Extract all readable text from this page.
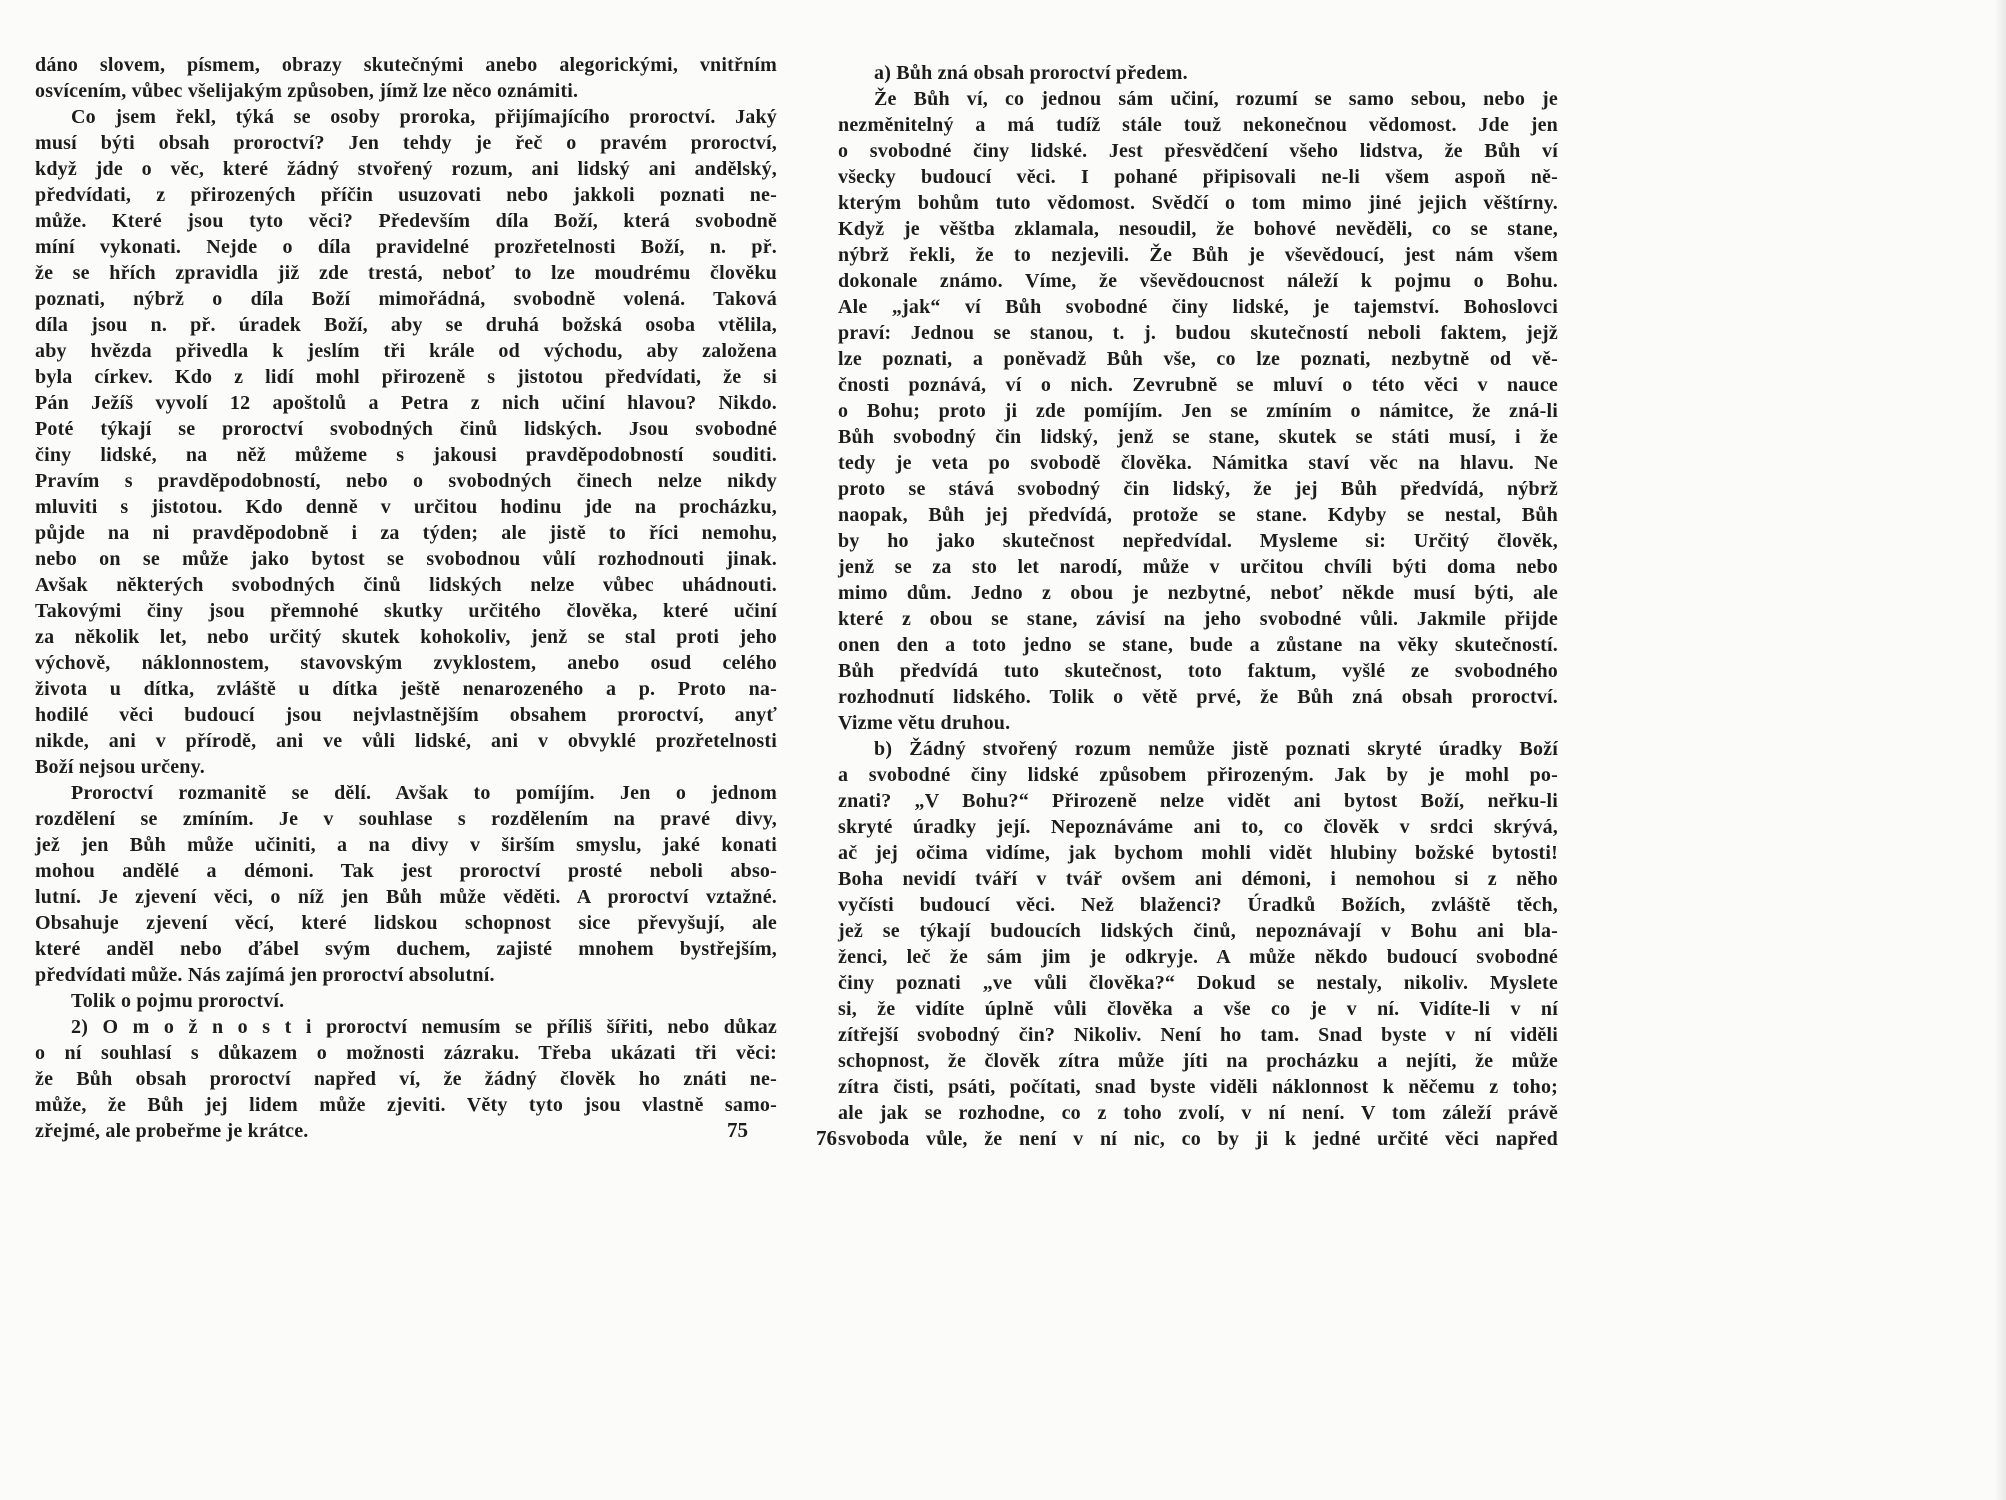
dáno slovem, písmem, obrazy skutečnými anebo alegorickými, vnitřním
osvícením, vůbec všelijakým způsoben, jímž lze něco oznámiti.
Co jsem řekl, týká se osoby proroka, přijímajícího proroctví. Jaký
musí býti obsah proroctví? Jen tehdy je řeč o pravém proroctví,
když jde o věc, které žádný stvořený rozum, ani lidský ani andělský,
předvídati, z přirozených příčin usuzovati nebo jakkoli poznati ne-
může. Které jsou tyto věci? Především díla Boží, která svobodně
míní vykonati. Nejde o díla pravidelné prozřetelnosti Boží, n. př.
že se hřích zpravidla již zde trestá, neboť to lze moudrému člověku
poznati, nýbrž o díla Boží mimořádná, svobodně volená. Taková
díla jsou n. př. úradek Boží, aby se druhá božská osoba vtělila,
aby hvězda přivedla k jeslím tři krále od východu, aby založena
byla církev. Kdo z lidí mohl přirozeně s jistotou předvídati, že si
Pán Ježíš vyvolí 12 apoštolů a Petra z nich učiní hlavou? Nikdo.
Poté týkají se proroctví svobodných činů lidských. Jsou svobodné
činy lidské, na něž můžeme s jakousi pravděpodobností souditi.
Pravím s pravděpodobností, nebo o svobodných činech nelze nikdy
mluviti s jistotou. Kdo denně v určitou hodinu jde na procházku,
půjde na ni pravděpodobně i za týden; ale jistě to říci nemohu,
nebo on se může jako bytost se svobodnou vůlí rozhodnouti jinak.
Avšak některých svobodných činů lidských nelze vůbec uhádnouti.
Takovými činy jsou přemnohé skutky určitého člověka, které učiní
za několik let, nebo určitý skutek kohokoliv, jenž se stal proti jeho
výchově, náklonnostem, stavovským zvyklostem, anebo osud celého
života u dítka, zvláště u dítka ještě nenarozeného a p. Proto na-
hodilé věci budoucí jsou nejvlastnějším obsahem proroctví, anyť
nikde, ani v přírodě, ani ve vůli lidské, ani v obvyklé prozřetelnosti
Boží nejsou určeny.
Proroctví rozmanitě se dělí. Avšak to pomíjím. Jen o jednom
rozdělení se zmíním. Je v souhlase s rozdělením na pravé divy,
jež jen Bůh může učiniti, a na divy v širším smyslu, jaké konati
mohou andělé a démoni. Tak jest proroctví prosté neboli abso-
lutní. Je zjevení věci, o níž jen Bůh může věděti. A proroctví vztažné.
Obsahuje zjevení věcí, které lidskou schopnost sice převyšují, ale
které anděl nebo ďábel svým duchem, zajisté mnohem bystřejším,
předvídati může. Nás zajímá jen proroctví absolutní.
Tolik o pojmu proroctví.
2) O m o ž n o s t i proroctví nemusím se příliš šířiti, nebo důkaz
o ní souhlasí s důkazem o možnosti zázraku. Třeba ukázati tři věci:
že Bůh obsah proroctví napřed ví, že žádný člověk ho znáti ne-
může, že Bůh jej lidem může zjeviti. Věty tyto jsou vlastně samo-
zřejmé, ale probeřme je krátce.
a) Bůh zná obsah proroctví předem.
Že Bůh ví, co jednou sám učiní, rozumí se samo sebou, nebo je
nezměnitelný a má tudíž stále touž nekonečnou vědomost. Jde jen
o svobodné činy lidské. Jest přesvědčení všeho lidstva, že Bůh ví
všecky budoucí věci. I pohané připisovali ne-li všem aspoň ně-
kterým bohům tuto vědomost. Svědčí o tom mimo jiné jejich věštírny.
Když je věštba zklamala, nesoudil, že bohové nevěděli, co se stane,
nýbrž řekli, že to nezjevili. Že Bůh je vševědoucí, jest nám všem
dokonale známo. Víme, že vševědoucnost náleží k pojmu o Bohu.
Ale „jak“ ví Bůh svobodné činy lidské, je tajemství. Bohoslovci
praví: Jednou se stanou, t. j. budou skutečností neboli faktem, jejž
lze poznati, a poněvadž Bůh vše, co lze poznati, nezbytně od vě-
čnosti poznává, ví o nich. Zevrubně se mluví o této věci v nauce
o Bohu; proto ji zde pomíjím. Jen se zmíním o námitce, že zná-li
Bůh svobodný čin lidský, jenž se stane, skutek se státi musí, i že
tedy je veta po svobodě člověka. Námitka staví věc na hlavu. Ne
proto se stává svobodný čin lidský, že jej Bůh předvídá, nýbrž
naopak, Bůh jej předvídá, protože se stane. Kdyby se nestal, Bůh
by ho jako skutečnost nepředvídal. Mysleme si: Určitý člověk,
jenž se za sto let narodí, může v určitou chvíli býti doma nebo
mimo dům. Jedno z obou je nezbytné, neboť někde musí býti, ale
které z obou se stane, závisí na jeho svobodné vůli. Jakmile přijde
onen den a toto jedno se stane, bude a zůstane na věky skutečností.
Bůh předvídá tuto skutečnost, toto faktum, vyšlé ze svobodného
rozhodnutí lidského. Tolik o větě prvé, že Bůh zná obsah proroctví.
Vizme větu druhou.
b) Žádný stvořený rozum nemůže jistě poznati skryté úradky Boží
a svobodné činy lidské způsobem přirozeným. Jak by je mohl po-
znati? „V Bohu?“ Přirozeně nelze vidět ani bytost Boží, neřku-li
skryté úradky její. Nepoznáváme ani to, co člověk v srdci skrývá,
ač jej očima vidíme, jak bychom mohli vidět hlubiny božské bytosti!
Boha nevidí tváří v tvář ovšem ani démoni, i nemohou si z něho
vyčísti budoucí věci. Než blaženci? Úradků Božích, zvláště těch,
jež se týkají budoucích lidských činů, nepoznávají v Bohu ani bla-
ženci, leč že sám jim je odkryje. A může někdo budoucí svobodné
činy poznati „ve vůli člověka?“ Dokud se nestaly, nikoliv. Myslete
si, že vidíte úplně vůli člověka a vše co je v ní. Vidíte-li v ní
zítřejší svobodný čin? Nikoliv. Není ho tam. Snad byste v ní viděli
schopnost, že člověk zítra může jíti na procházku a nejíti, že může
zítra čisti, psáti, počítati, snad byste viděli náklonnost k něčemu z toho;
ale jak se rozhodne, co z toho zvolí, v ní není. V tom záleží právě
svoboda vůle, že není v ní nic, co by ji k jedné určité věci napřed
75	76
